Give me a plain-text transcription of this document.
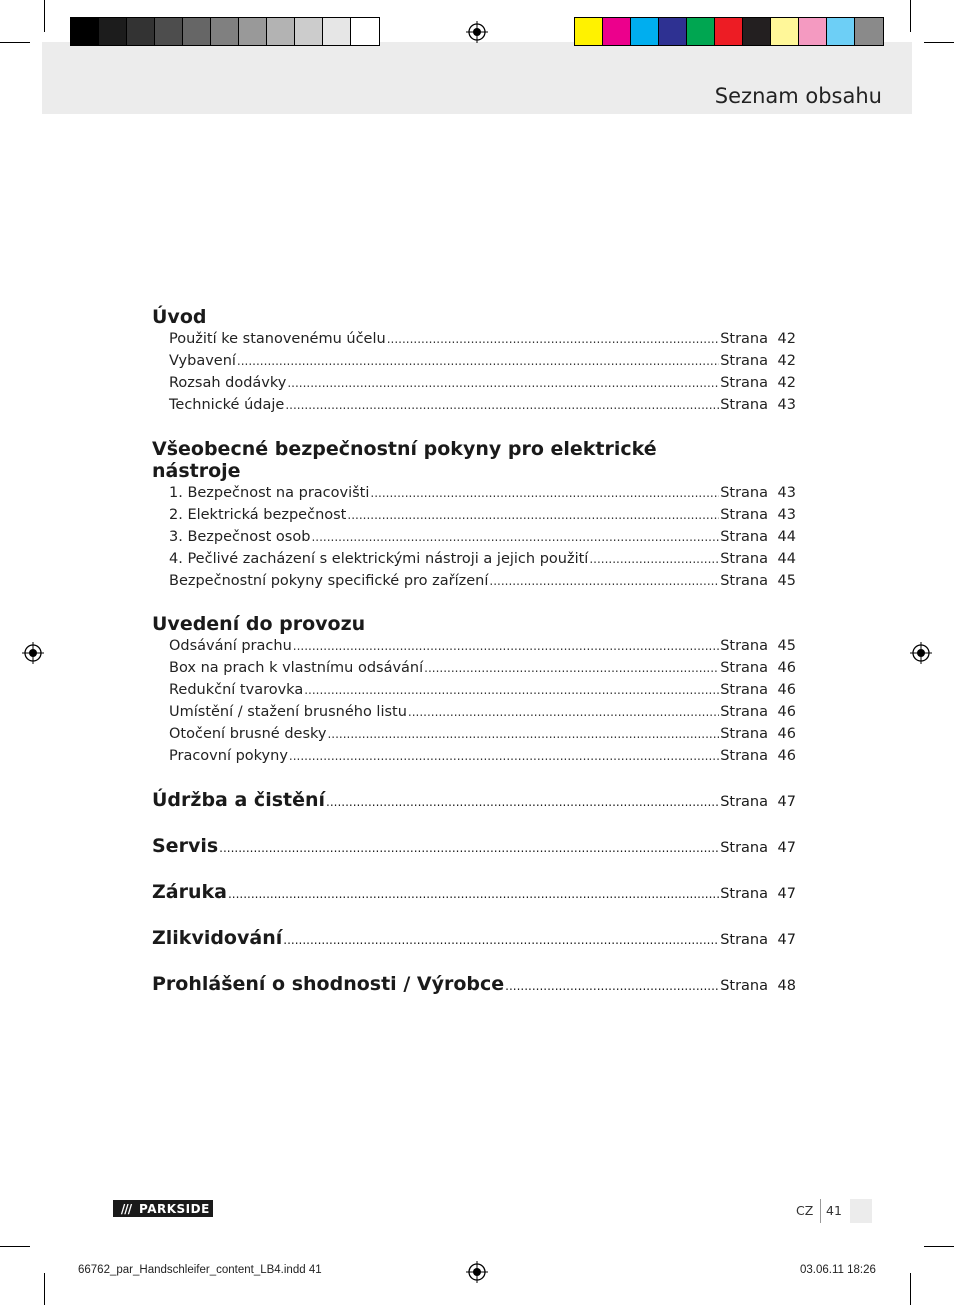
Seznam obsahu
Úvod
Použití ke stanovenému účelu .....	Strana 42
Vybavení .....	Strana 42
Rozsah dodávky .....	Strana 42
Technické údaje .....	Strana 43
Všeobecné bezpečnostní pokyny pro elektrické
nástroje
1. Bezpečnost na pracovišti .....	Strana 43
2. Elektrická bezpečnost .....	Strana 43
3. Bezpečnost osob .....	Strana 44
4. Pečlivé zacházení s elektrickými nástroji a jejich použití .....	Strana 44
Bezpečnostní pokyny specifické pro zařízení .....	Strana 45
Uvedení do provozu
Odsávání prachu .....	Strana 45
Box na prach k vlastnímu odsávání .....	Strana 46
Redukční tvarovka .....	Strana 46
Umístění / stažení brusného listu .....	Strana 46
Otočení brusné desky .....	Strana 46
Pracovní pokyny .....	Strana 46
Údržba a čistění .....	Strana 47
Servis .....	Strana 47
Záruka .....	Strana 47
Zlikvidování .....	Strana 47
Prohlášení o shodnosti / Výrobce .....	Strana 48
/// PARKSIDE	CZ 41
66762_par_Handschleifer_content_LB4.indd 41	03.06.11 18:26
